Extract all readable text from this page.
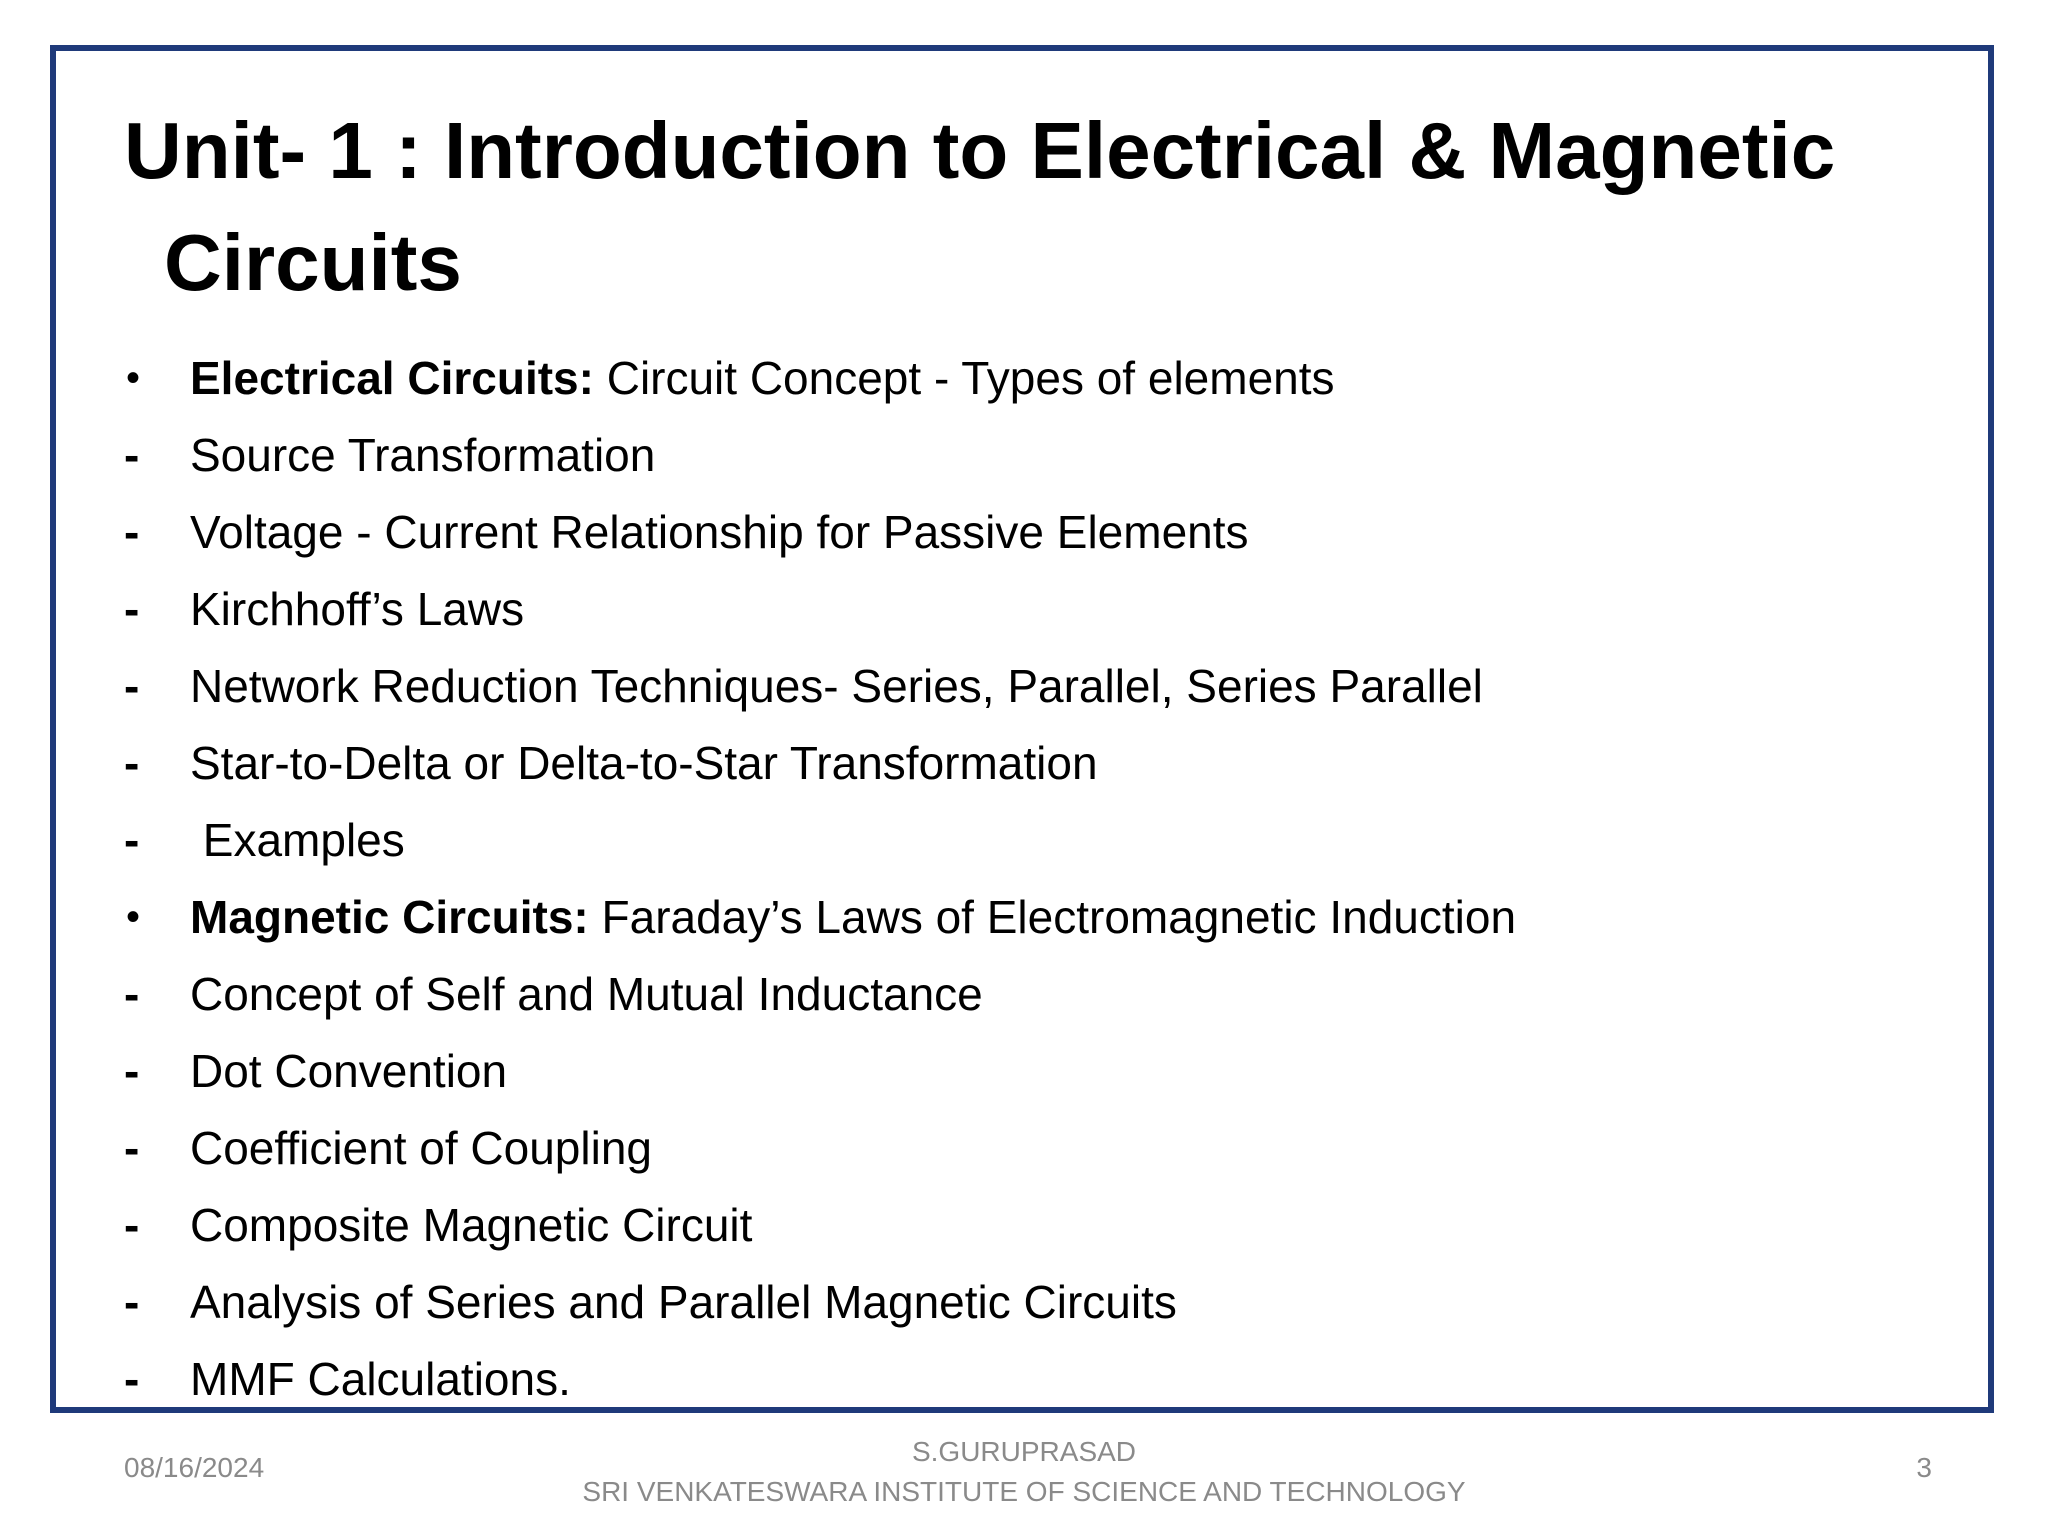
Unit- 1 : Introduction to Electrical & Magnetic
Circuits
•	Electrical Circuits: Circuit Concept - Types of elements
-	Source Transformation
-	Voltage - Current Relationship for Passive Elements
-	Kirchhoff’s Laws
-	Network Reduction Techniques- Series, Parallel, Series Parallel
-	Star-to-Delta or Delta-to-Star Transformation
-	Examples
•	Magnetic Circuits: Faraday’s Laws of Electromagnetic Induction
-	Concept of Self and Mutual Inductance
-	Dot Convention
-	Coefficient of Coupling
-	Composite Magnetic Circuit
-	Analysis of Series and Parallel Magnetic Circuits
-	MMF Calculations.
08/16/2024
S.GURUPRASAD
SRI VENKATESWARA INSTITUTE OF SCIENCE AND TECHNOLOGY
3
